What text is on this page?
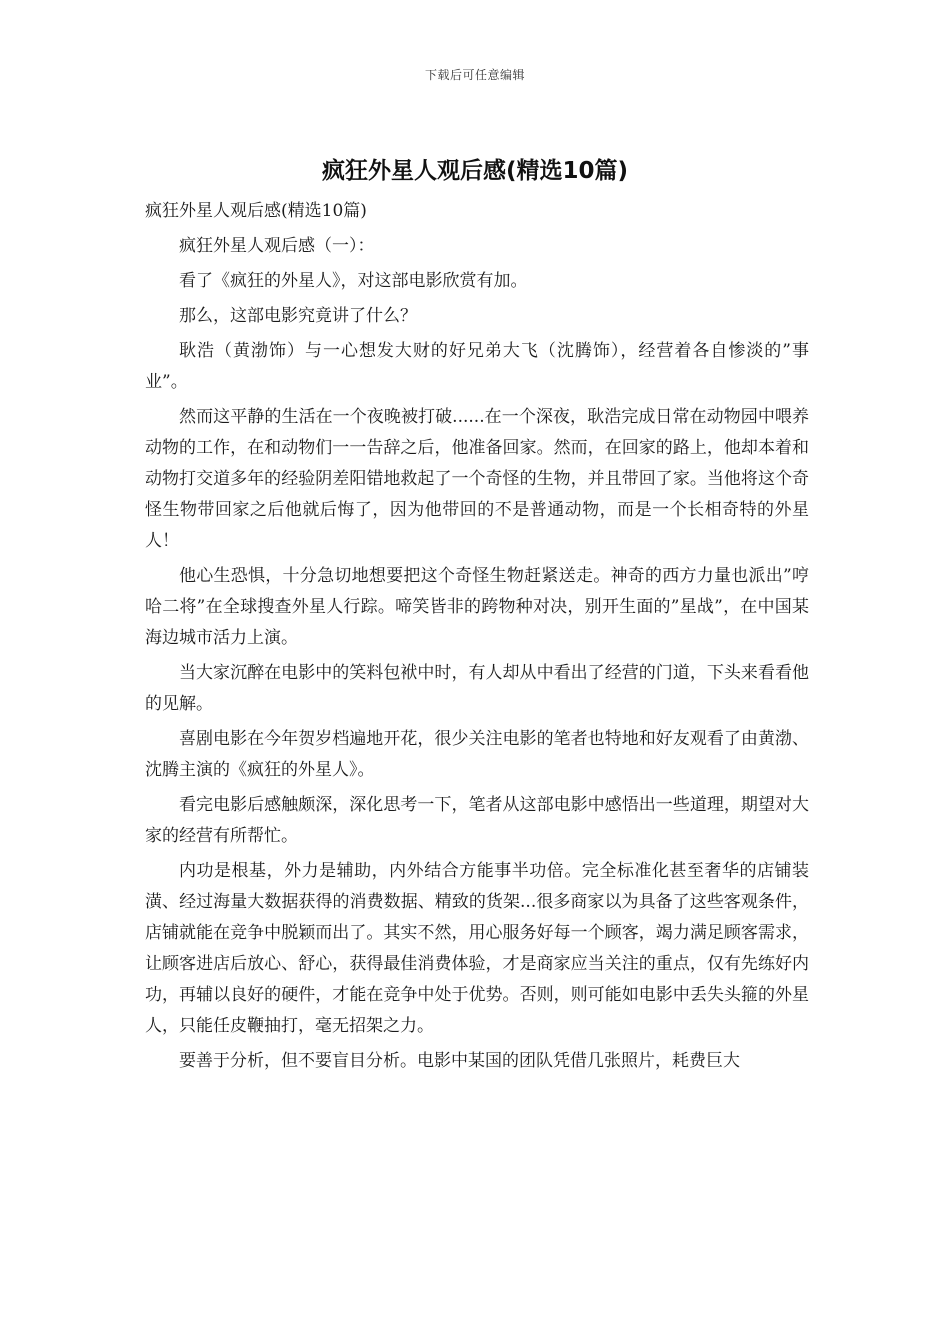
下载后可任意编辑
疯狂外星人观后感(精选10篇)

疯狂外星人观后感(精选10篇)

疯狂外星人观后感（一）：

看了《疯狂的外星人》，对这部电影欣赏有加。

那么，这部电影究竟讲了什么？

耿浩（黄渤饰）与一心想发大财的好兄弟大飞（沈腾饰），经营着各自惨淡的”事业”。

然而这平静的生活在一个夜晚被打破......在一个深夜，耿浩完成日常在动物园中喂养动物的工作，在和动物们一一告辞之后，他准备回家。然而，在回家的路上，他却本着和动物打交道多年的经验阴差阳错地救起了一个奇怪的生物，并且带回了家。当他将这个奇怪生物带回家之后他就后悔了，因为他带回的不是普通动物，而是一个长相奇特的外星人！

他心生恐惧，十分急切地想要把这个奇怪生物赶紧送走。神奇的西方力量也派出”哼哈二将”在全球搜查外星人行踪。啼笑皆非的跨物种对决，别开生面的”星战”，在中国某海边城市活力上演。

当大家沉醉在电影中的笑料包袱中时，有人却从中看出了经营的门道，下头来看看他的见解。

喜剧电影在今年贺岁档遍地开花，很少关注电影的笔者也特地和好友观看了由黄渤、沈腾主演的《疯狂的外星人》。

看完电影后感触颇深，深化思考一下，笔者从这部电影中感悟出一些道理，期望对大家的经营有所帮忙。

内功是根基，外力是辅助，内外结合方能事半功倍。完全标准化甚至奢华的店铺装潢、经过海量大数据获得的消费数据、精致的货架...很多商家以为具备了这些客观条件，店铺就能在竞争中脱颖而出了。其实不然，用心服务好每一个顾客，竭力满足顾客需求，让顾客进店后放心、舒心，获得最佳消费体验，才是商家应当关注的重点，仅有先练好内功，再辅以良好的硬件，才能在竞争中处于优势。否则，则可能如电影中丢失头箍的外星人，只能任皮鞭抽打，毫无招架之力。

要善于分析，但不要盲目分析。电影中某国的团队凭借几张照片，耗费巨大
